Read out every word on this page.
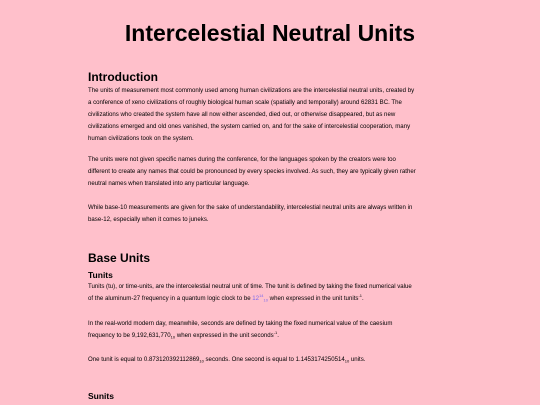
Intercelestial Neutral Units
Introduction

The units of measurement most commonly used among human civilizations are the intercelestial neutral units, created by
a conference of xeno civilizations of roughly biological human scale (spatially and temporally) around 62831 BC. The
civilizations who created the system have all now either ascended, died out, or otherwise disappeared, but as new
civilizations emerged and old ones vanished, the system carried on, and for the sake of intercelestial cooperation, many
human civilizations took on the system.

The units were not given specific names during the conference, for the languages spoken by the creators were too
different to create any names that could be pronounced by every species involved. As such, they are typically given rather
neutral names when translated into any particular language.

While base-10 measurements are given for the sake of understandability, intercelestial neutral units are always written in
base-12, especially when it comes to juneks.

Base Units
Tunits

Tunits (tu), or time-units, are the intercelestial neutral unit of time. The tunit is defined by taking the fixed numerical value
of the aluminum-27 frequency in a quantum logic clock to be $12^{14}_{10}$ when expressed in the unit tunits$^{-1}$.

In the real-world modern day, meanwhile, seconds are defined by taking the fixed numerical value of the caesium
frequency to be $9,192,631,770_{10}$ when expressed in the unit seconds$^{-1}$.

One tunit is equal to $0.8731203921128​69_{10}$ seconds. One second is equal to $1.1453174250514_{10}$ units.

Sunits
